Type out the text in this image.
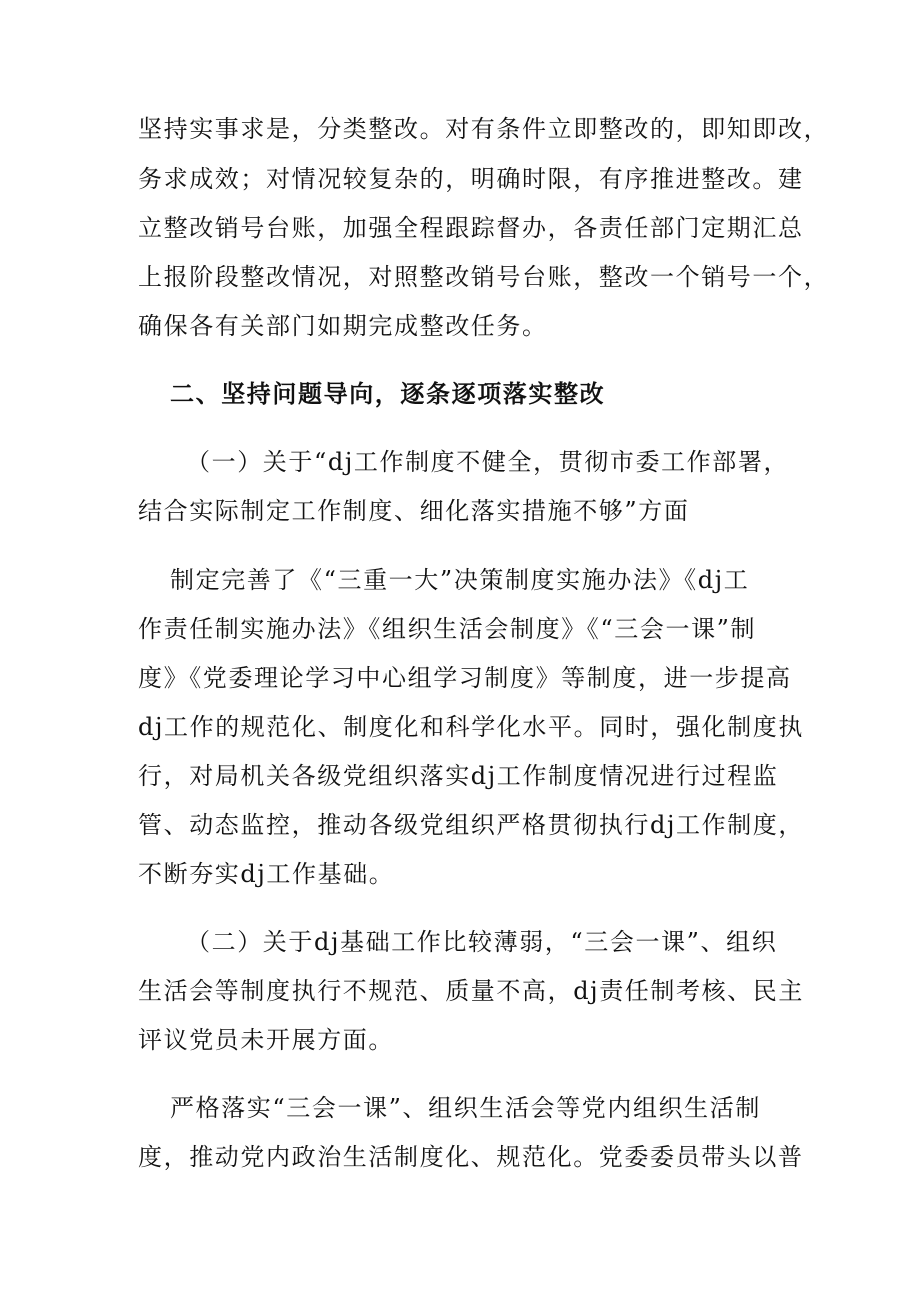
坚持实事求是，分类整改。对有条件立即整改的，即知即改，
务求成效；对情况较复杂的，明确时限，有序推进整改。建
立整改销号台账，加强全程跟踪督办，各责任部门定期汇总
上报阶段整改情况，对照整改销号台账，整改一个销号一个，
确保各有关部门如期完成整改任务。
二、坚持问题导向，逐条逐项落实整改
（一）关于“dj工作制度不健全，贯彻市委工作部署，
结合实际制定工作制度、细化落实措施不够”方面
制定完善了《“三重一大”决策制度实施办法》《dj工
作责任制实施办法》《组织生活会制度》《“三会一课”制
度》《党委理论学习中心组学习制度》等制度，进一步提高
dj工作的规范化、制度化和科学化水平。同时，强化制度执
行，对局机关各级党组织落实dj工作制度情况进行过程监
管、动态监控，推动各级党组织严格贯彻执行dj工作制度，
不断夯实dj工作基础。
（二）关于dj基础工作比较薄弱，“三会一课”、组织
生活会等制度执行不规范、质量不高，dj责任制考核、民主
评议党员未开展方面。
严格落实“三会一课”、组织生活会等党内组织生活制
度，推动党内政治生活制度化、规范化。党委委员带头以普
